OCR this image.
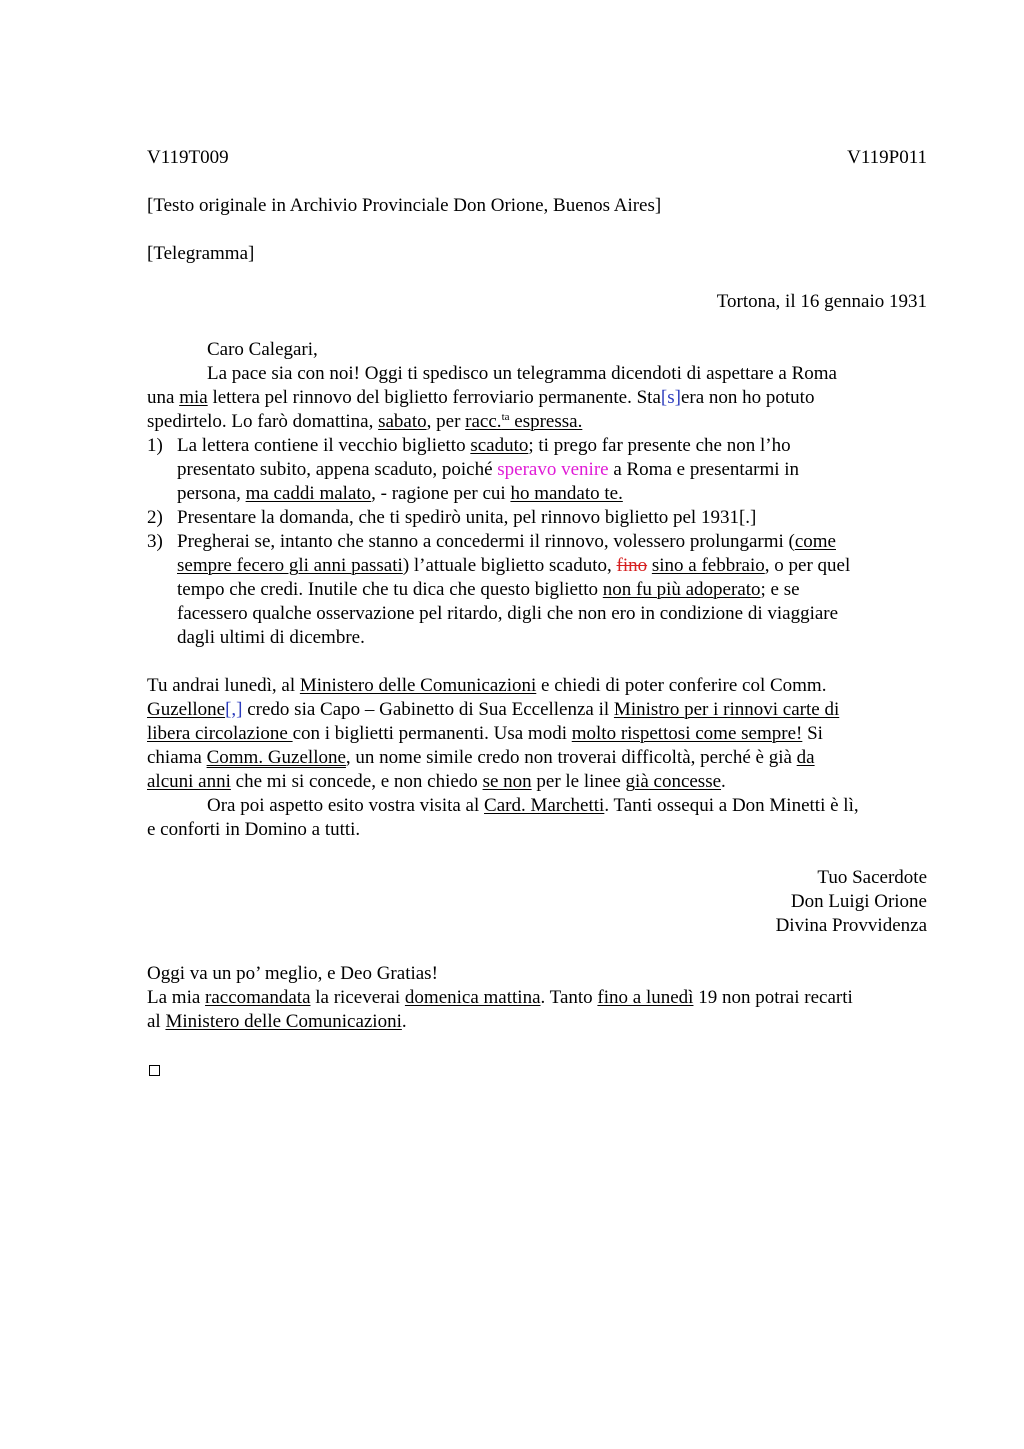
V119T009	V119P011
[Testo originale in Archivio Provinciale Don Orione, Buenos Aires]
[Telegramma]
Tortona, il 16 gennaio 1931
Caro Calegari,
La pace sia con noi! Oggi ti spedisco un telegramma dicendoti di aspettare a Roma
una mia lettera pel rinnovo del biglietto ferroviario permanente. Sta[s]era non ho potuto
spedirtelo. Lo farò domattina, sabato, per racc.$^{ta}$ espressa.
1) La lettera contiene il vecchio biglietto scaduto; ti prego far presente che non l’ho
presentato subito, appena scaduto, poiché speravo venire a Roma e presentarmi in
persona, ma caddi malato, - ragione per cui ho mandato te.
2) Presentare la domanda, che ti spedirò unita, pel rinnovo biglietto pel 1931[.]
3) Pregherai se, intanto che stanno a concedermi il rinnovo, volessero prolungarmi (come
sempre fecero gli anni passati) l’attuale biglietto scaduto, fino sino a febbraio, o per quel
tempo che credi. Inutile che tu dica che questo biglietto non fu più adoperato; e se
facessero qualche osservazione pel ritardo, digli che non ero in condizione di viaggiare
dagli ultimi di dicembre.
Tu andrai lunedì, al Ministero delle Comunicazioni e chiedi di poter conferire col Comm.
Guzellone[,] credo sia Capo – Gabinetto di Sua Eccellenza il Ministro per i rinnovi carte di
libera circolazione con i biglietti permanenti. Usa modi molto rispettosi come sempre! Si
chiama Comm. Guzellone, un nome simile credo non troverai difficoltà, perché è già da
alcuni anni che mi si concede, e non chiedo se non per le linee già concesse.
Ora poi aspetto esito vostra visita al Card. Marchetti. Tanti ossequi a Don Minetti è lì,
e conforti in Domino a tutti.
Tuo Sacerdote
Don Luigi Orione
Divina Provvidenza
Oggi va un po’ meglio, e Deo Gratias!
La mia raccomandata la riceverai domenica mattina. Tanto fino a lunedì 19 non potrai recarti
al Ministero delle Comunicazioni.
